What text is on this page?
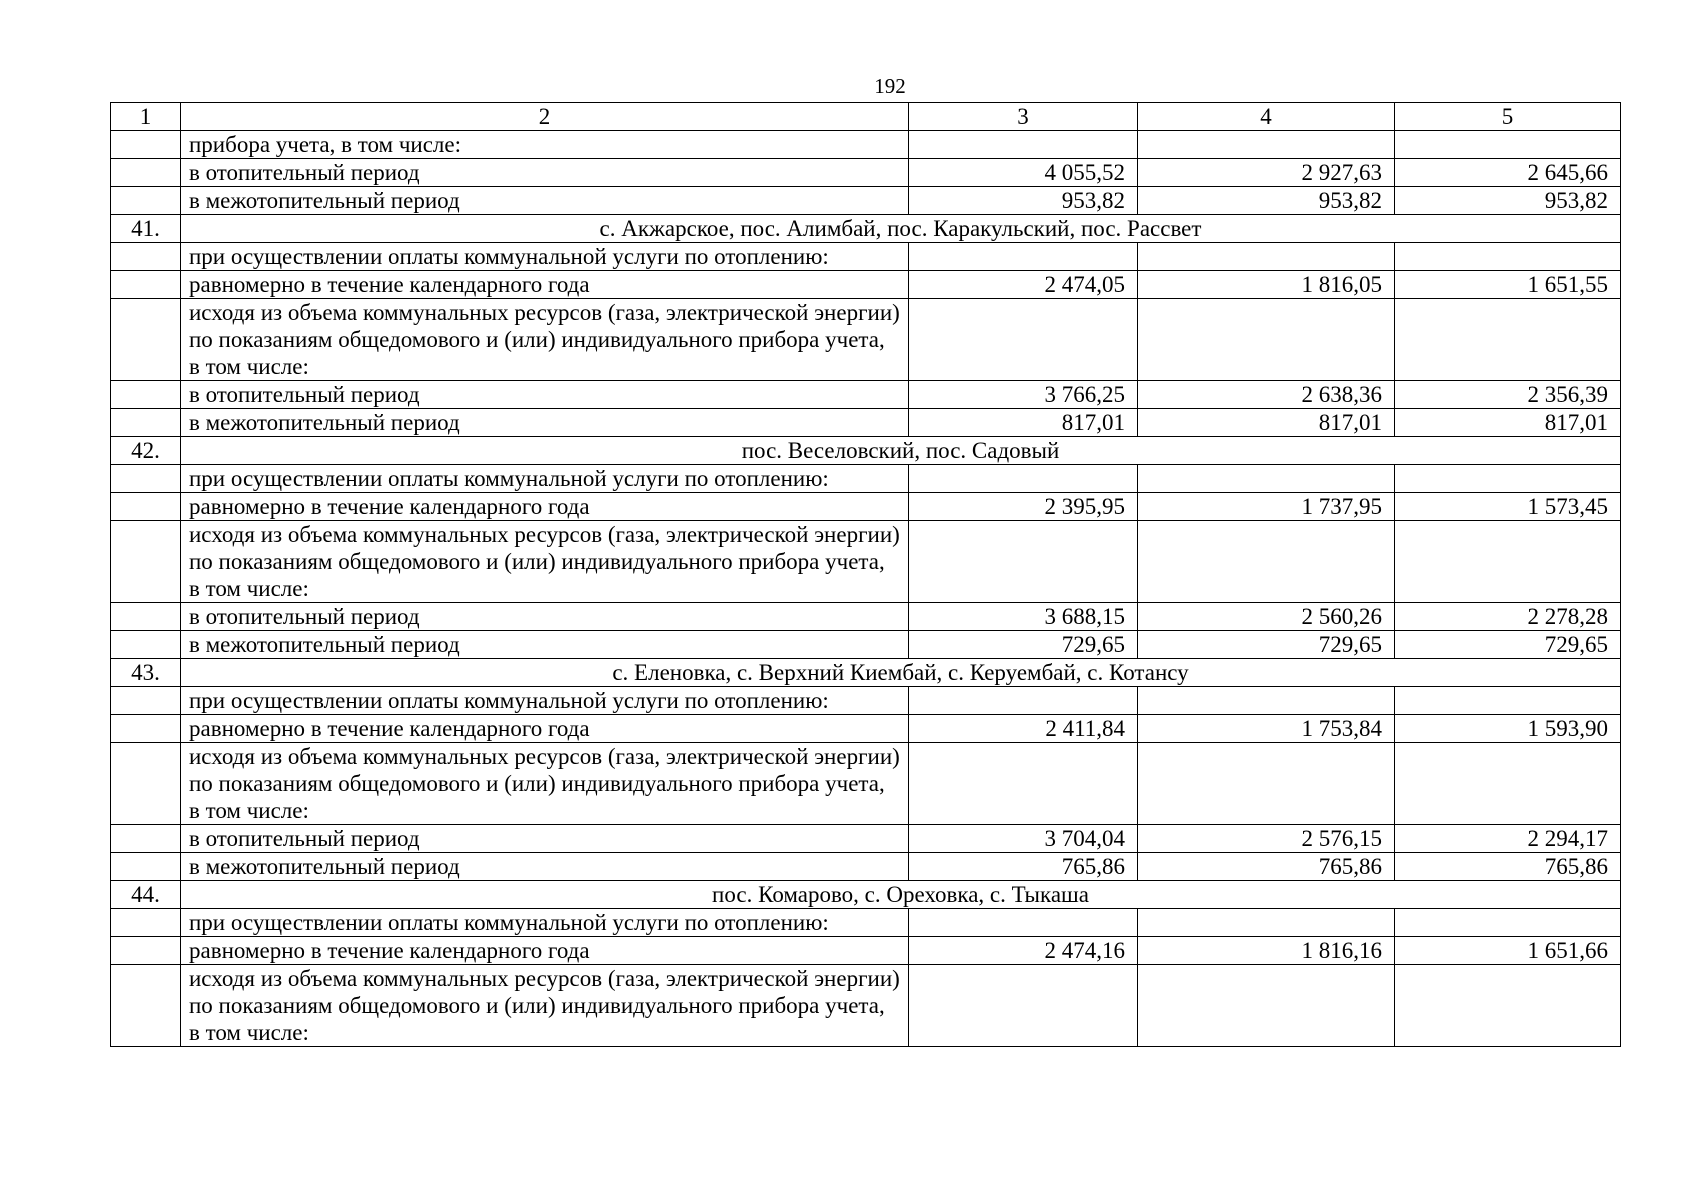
192
1	2	3	4	5
	прибора учета, в том числе:			
	в отопительный период	4 055,52	2 927,63	2 645,66
	в межотопительный период	953,82	953,82	953,82
41.	с. Акжарское, пос. Алимбай, пос. Каракульский, пос. Рассвет			
	при осуществлении оплаты коммунальной услуги по отоплению:			
	равномерно в течение календарного года	2 474,05	1 816,05	1 651,55
	исходя из объема коммунальных ресурсов (газа, электрической энергии) по показаниям общедомового и (или) индивидуального прибора учета, в том числе:			
	в отопительный период	3 766,25	2 638,36	2 356,39
	в межотопительный период	817,01	817,01	817,01
42.	пос. Веселовский, пос. Садовый			
	при осуществлении оплаты коммунальной услуги по отоплению:			
	равномерно в течение календарного года	2 395,95	1 737,95	1 573,45
	исходя из объема коммунальных ресурсов (газа, электрической энергии) по показаниям общедомового и (или) индивидуального прибора учета, в том числе:			
	в отопительный период	3 688,15	2 560,26	2 278,28
	в межотопительный период	729,65	729,65	729,65
43.	с. Еленовка, с. Верхний Киембай, с. Керуембай, с. Котансу			
	при осуществлении оплаты коммунальной услуги по отоплению:			
	равномерно в течение календарного года	2 411,84	1 753,84	1 593,90
	исходя из объема коммунальных ресурсов (газа, электрической энергии) по показаниям общедомового и (или) индивидуального прибора учета, в том числе:			
	в отопительный период	3 704,04	2 576,15	2 294,17
	в межотопительный период	765,86	765,86	765,86
44.	пос. Комарово, с. Ореховка, с. Тыкаша			
	при осуществлении оплаты коммунальной услуги по отоплению:			
	равномерно в течение календарного года	2 474,16	1 816,16	1 651,66
	исходя из объема коммунальных ресурсов (газа, электрической энергии) по показаниям общедомового и (или) индивидуального прибора учета, в том числе:			
